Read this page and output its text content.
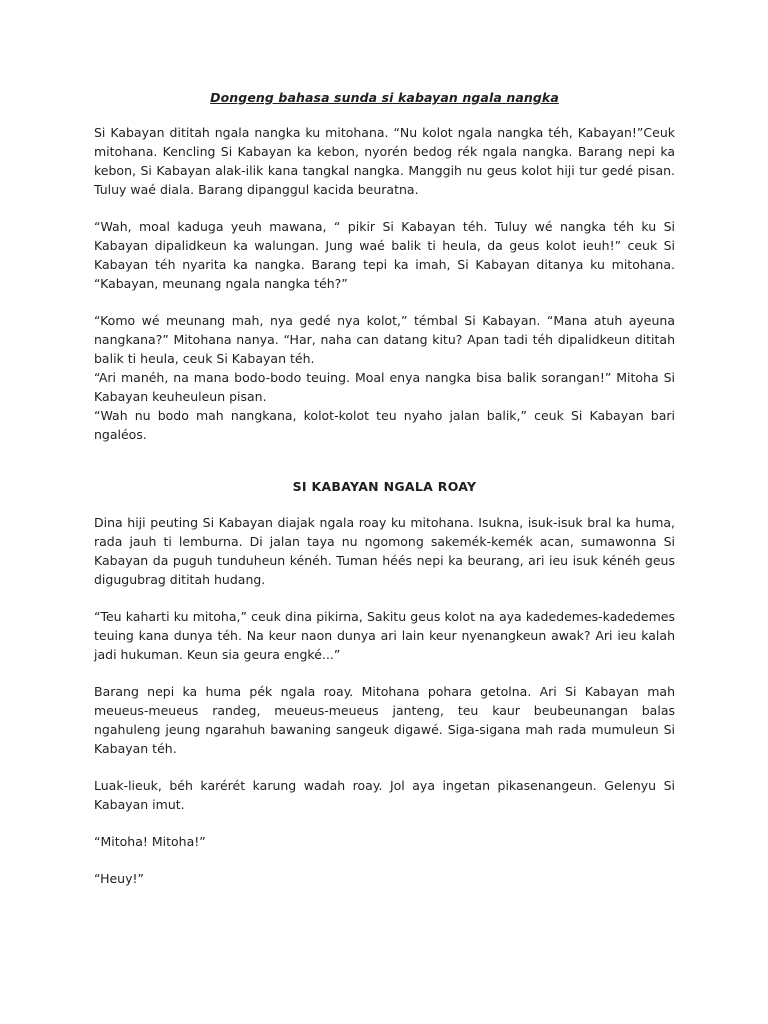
Dongeng bahasa sunda si kabayan ngala nangka

Si Kabayan dititah ngala nangka ku mitohana. “Nu kolot ngala nangka téh, Kabayan!”Ceuk mitohana. Kencling Si Kabayan ka kebon, nyorén bedog rék ngala nangka. Barang nepi ka kebon, Si Kabayan alak-ilik kana tangkal nangka. Manggih nu geus kolot hiji tur gedé pisan. Tuluy waé diala. Barang dipanggul kacida beuratna.

“Wah, moal kaduga yeuh mawana, “ pikir Si Kabayan téh. Tuluy wé nangka téh ku Si Kabayan dipalidkeun ka walungan. Jung waé balik ti heula, da geus kolot ieuh!” ceuk Si Kabayan téh nyarita ka nangka. Barang tepi ka imah, Si Kabayan ditanya ku mitohana. “Kabayan, meunang ngala nangka téh?”

“Komo wé meunang mah, nya gedé nya kolot,” témbal Si Kabayan. “Mana atuh ayeuna nangkana?” Mitohana nanya. “Har, naha can datang kitu? Apan tadi téh dipalidkeun dititah balik ti heula, ceuk Si Kabayan téh.

“Ari manéh, na mana bodo-bodo teuing. Moal enya nangka bisa balik sorangan!” Mitoha Si Kabayan keuheuleun pisan.

“Wah nu bodo mah nangkana, kolot-kolot teu nyaho jalan balik,” ceuk Si Kabayan bari ngaléos.

SI KABAYAN NGALA ROAY

Dina hiji peuting Si Kabayan diajak ngala roay ku mitohana. Isukna, isuk-isuk bral ka huma, rada jauh ti lemburna. Di jalan taya nu ngomong sakemék-kemék acan, sumawonna Si Kabayan da puguh tunduheun kénéh. Tuman héés nepi ka beurang, ari ieu isuk kénéh geus digugubrag dititah hudang.

“Teu kaharti ku mitoha,” ceuk dina pikirna, Sakitu geus kolot na aya kadedemes-kadedemes teuing kana dunya téh. Na keur naon dunya ari lain keur nyenangkeun awak? Ari ieu kalah jadi hukuman. Keun sia geura engké...”

Barang nepi ka huma pék ngala roay. Mitohana pohara getolna. Ari Si Kabayan mah meueus-meueus randeg, meueus-meueus janteng, teu kaur beubeunangan balas ngahuleng jeung ngarahuh bawaning sangeuk digawé. Siga-sigana mah rada mumuleun Si Kabayan téh.

Luak-lieuk, béh karérét karung wadah roay. Jol aya ingetan pikasenangeun. Gelenyu Si Kabayan imut.

“Mitoha! Mitoha!”

“Heuy!”
